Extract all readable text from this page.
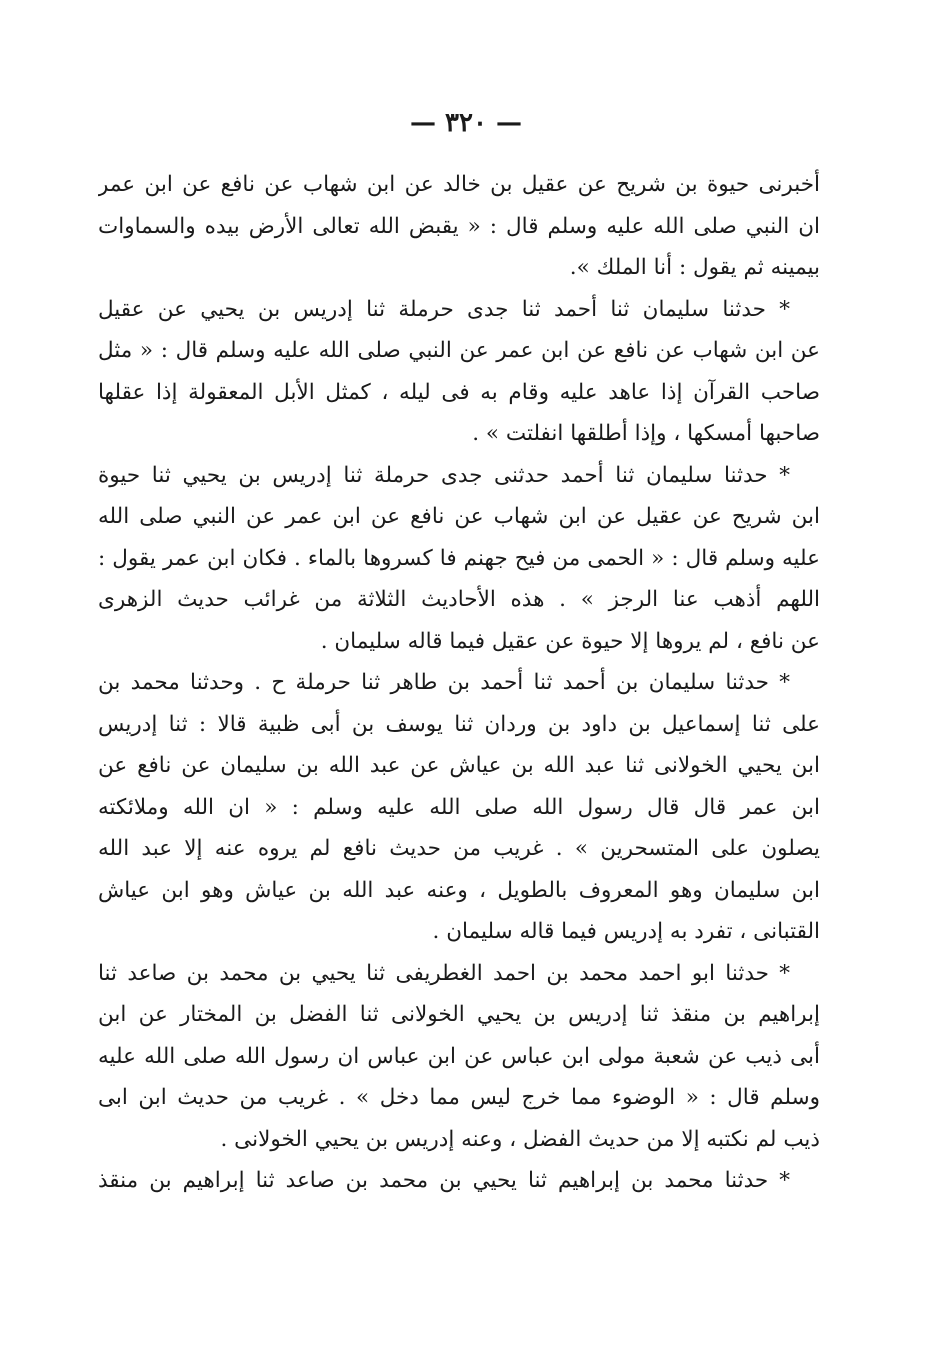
— ٣٢٠ —
أخبرنى حيوة بن شريح عن عقيل بن خالد عن ابن شهاب عن نافع عن ابن عمر
ان النبي صلى الله عليه وسلم قال : « يقبض الله تعالى الأرض بيده والسماوات
بيمينه ثم يقول : أنا الملك ».
* حدثنا سليمان ثنا أحمد ثنا جدى حرملة ثنا إدريس بن يحيي عن عقيل
عن ابن شهاب عن نافع عن ابن عمر عن النبي صلى الله عليه وسلم قال : « مثل
صاحب القرآن إذا عاهد عليه وقام به فى ليله ، كمثل الأبل المعقولة إذا عقلها
صاحبها أمسكها ، وإذا أطلقها انفلتت » .
* حدثنا سليمان ثنا أحمد حدثنى جدى حرملة ثنا إدريس بن يحيي ثنا حيوة
ابن شريح عن عقيل عن ابن شهاب عن نافع عن ابن عمر عن النبي صلى الله
عليه وسلم قال : « الحمى من فيح جهنم فا كسروها بالماء . فكان ابن عمر يقول :
اللهم أذهب عنا الرجز » . هذه الأحاديث الثلاثة من غرائب حديث الزهرى
عن نافع ، لم يروها إلا حيوة عن عقيل فيما قاله سليمان .
* حدثنا سليمان بن أحمد ثنا أحمد بن طاهر ثنا حرملة ح . وحدثنا محمد بن
على ثنا إسماعيل بن داود بن وردان ثنا يوسف بن أبى ظبية قالا : ثنا إدريس
ابن يحيي الخولانى ثنا عبد الله بن عياش عن عبد الله بن سليمان عن نافع عن
ابن عمر قال قال رسول الله صلى الله عليه وسلم : « ان الله وملائكته
يصلون على المتسحرين » . غريب من حديث نافع لم يروه عنه إلا عبد الله
ابن سليمان وهو المعروف بالطويل ، وعنه عبد الله بن عياش وهو ابن عياش
القتبانى ، تفرد به إدريس فيما قاله سليمان .
* حدثنا ابو احمد محمد بن احمد الغطريفى ثنا يحيي بن محمد بن صاعد ثنا
إبراهيم بن منقذ ثنا إدريس بن يحيي الخولانى ثنا الفضل بن المختار عن ابن
أبى ذيب عن شعبة مولى ابن عباس عن ابن عباس ان رسول الله صلى الله عليه
وسلم قال : « الوضوء مما خرج ليس مما دخل » . غريب من حديث ابن ابى
ذيب لم نكتبه إلا من حديث الفضل ، وعنه إدريس بن يحيي الخولانى .
* حدثنا محمد بن إبراهيم ثنا يحيي بن محمد بن صاعد ثنا إبراهيم بن منقذ
